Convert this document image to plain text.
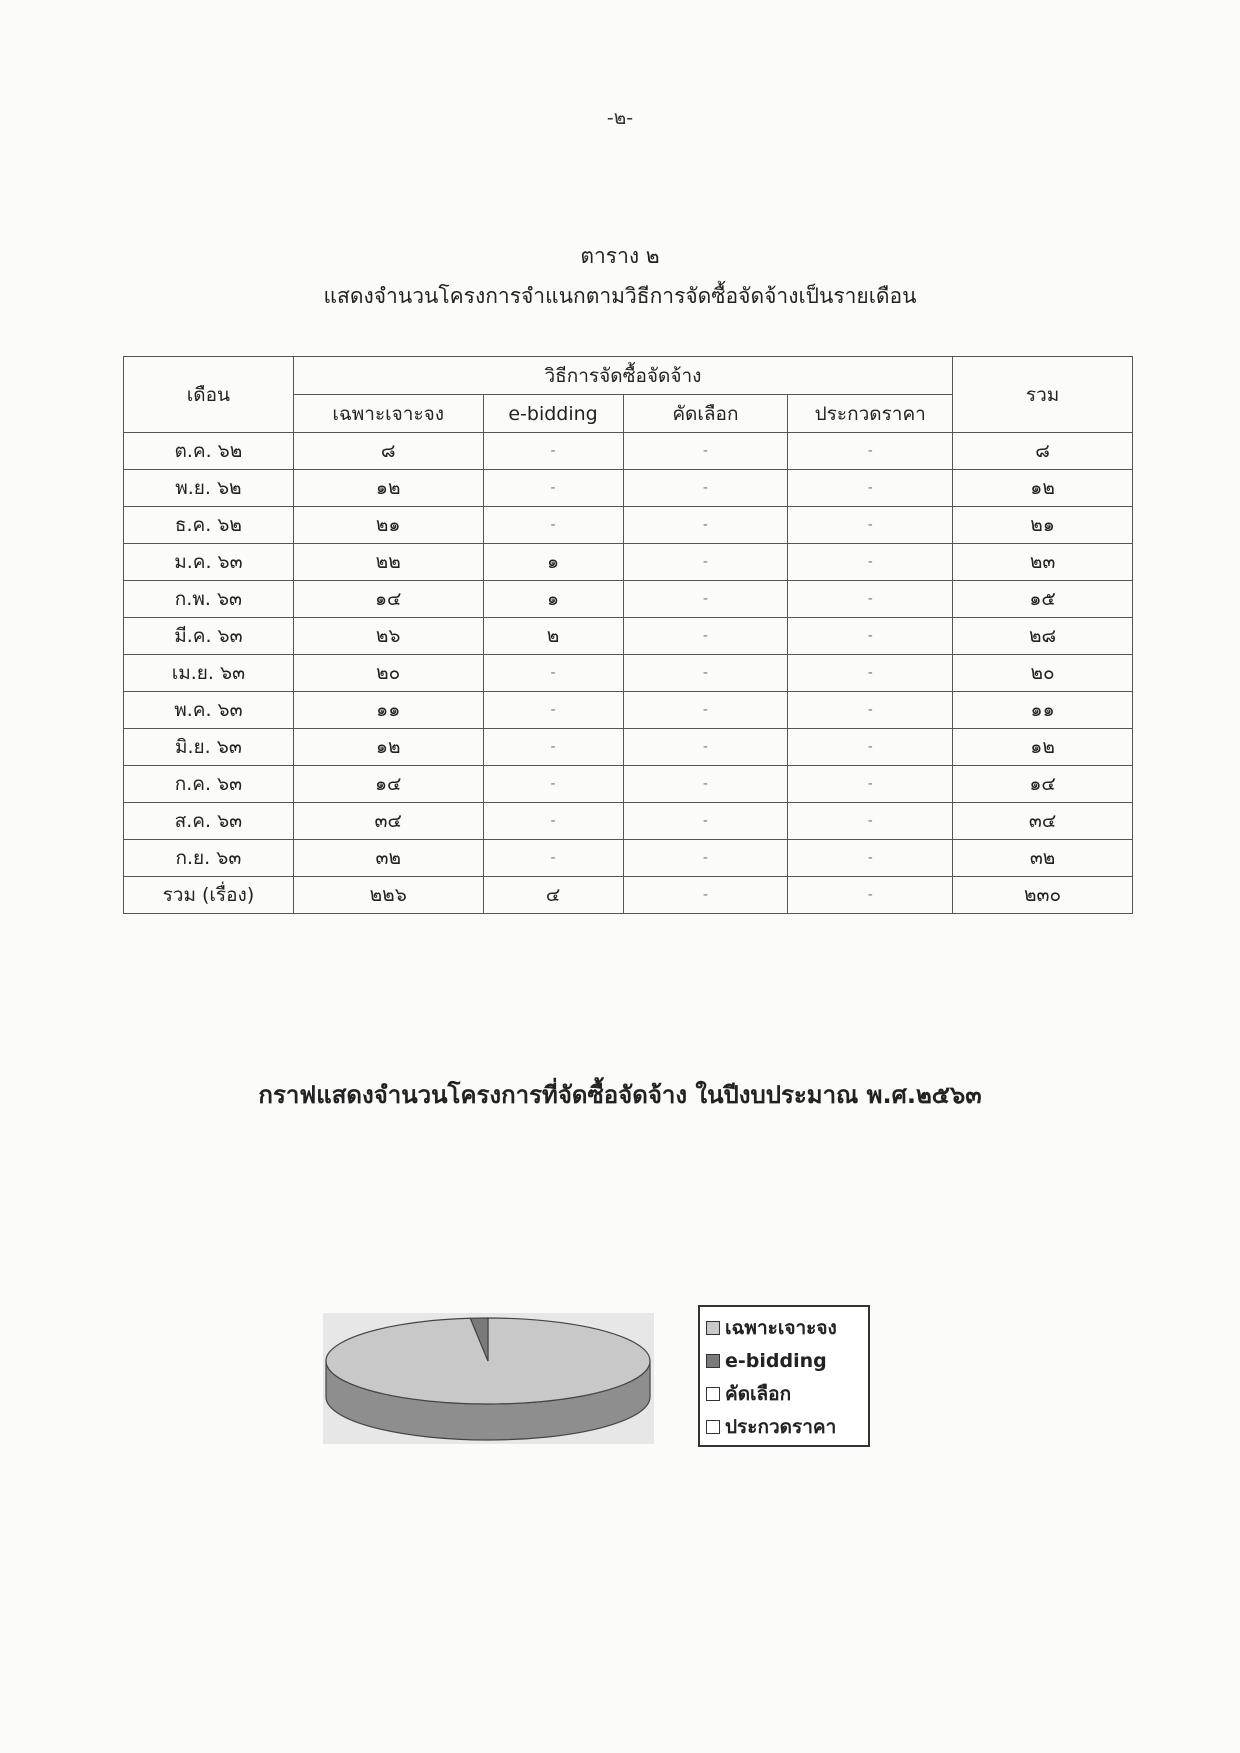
-๒-
ตาราง ๒
แสดงจำนวนโครงการจำแนกตามวิธีการจัดซื้อจัดจ้างเป็นรายเดือน
เดือน	วิธีการจัดซื้อจัดจ้าง				รวม
	เฉพาะเจาะจง	e-bidding	คัดเลือก	ประกวดราคา	
ต.ค. ๖๒	๘	-	-	-	๘
พ.ย. ๖๒	๑๒	-	-	-	๑๒
ธ.ค. ๖๒	๒๑	-	-	-	๒๑
ม.ค. ๖๓	๒๒	๑	-	-	๒๓
ก.พ. ๖๓	๑๔	๑	-	-	๑๕
มี.ค. ๖๓	๒๖	๒	-	-	๒๘
เม.ย. ๖๓	๒๐	-	-	-	๒๐
พ.ค. ๖๓	๑๑	-	-	-	๑๑
มิ.ย. ๖๓	๑๒	-	-	-	๑๒
ก.ค. ๖๓	๑๔	-	-	-	๑๔
ส.ค. ๖๓	๓๔	-	-	-	๓๔
ก.ย. ๖๓	๓๒	-	-	-	๓๒
รวม (เรื่อง)	๒๒๖	๔	-	-	๒๓๐
กราฟแสดงจำนวนโครงการที่จัดซื้อจัดจ้าง ในปีงบประมาณ พ.ศ.๒๕๖๓
เฉพาะเจาะจง
e-bidding
คัดเลือก
ประกวดราคา
